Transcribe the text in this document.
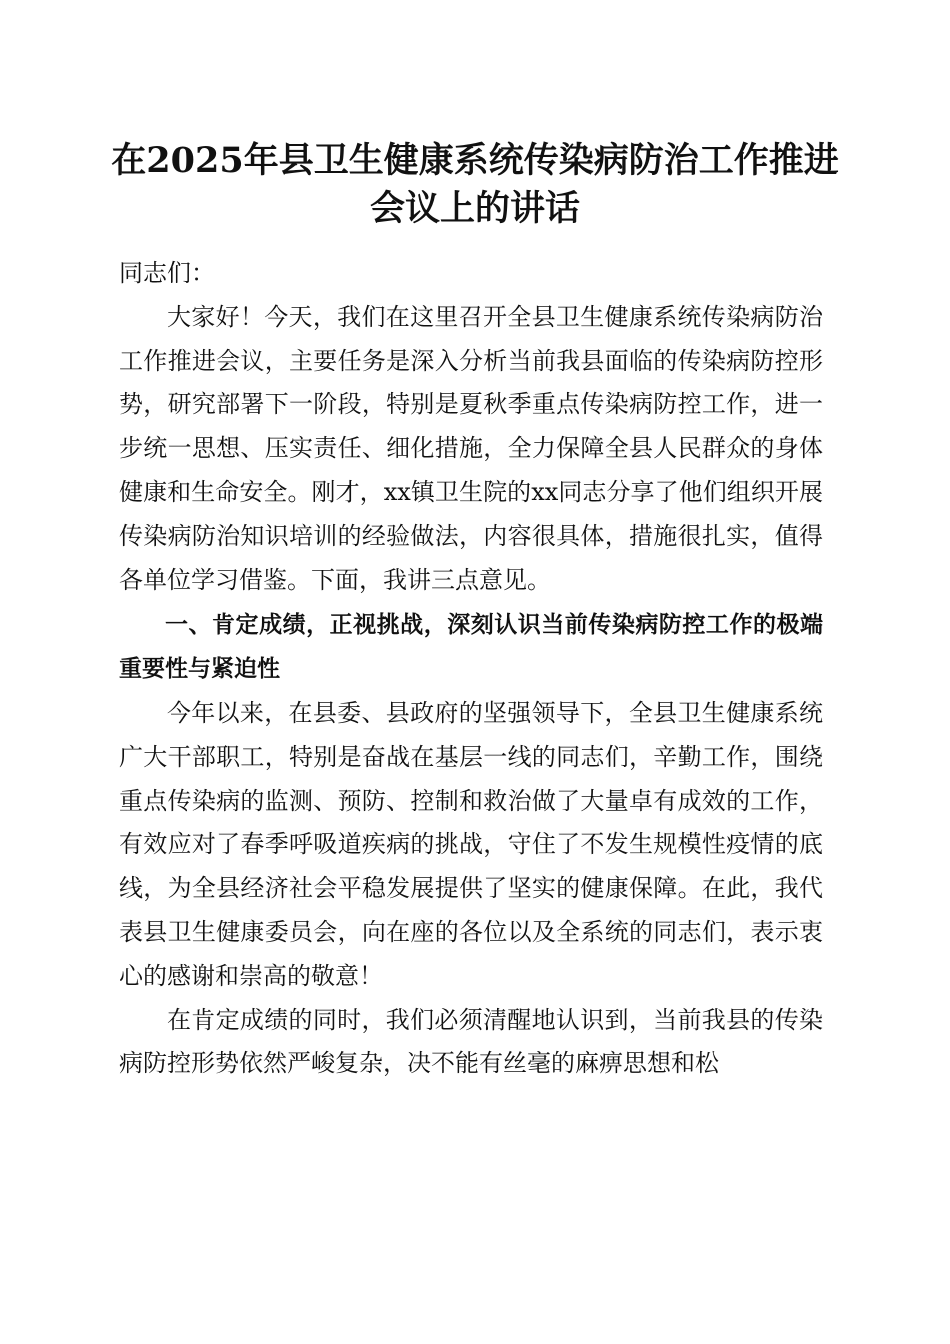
在2025年县卫生健康系统传染病防治工作推进会议上的讲话

同志们：

大家好！今天，我们在这里召开全县卫生健康系统传染病防治工作推进会议，主要任务是深入分析当前我县面临的传染病防控形势，研究部署下一阶段，特别是夏秋季重点传染病防控工作，进一步统一思想、压实责任、细化措施，全力保障全县人民群众的身体健康和生命安全。刚才，xx镇卫生院的xx同志分享了他们组织开展传染病防治知识培训的经验做法，内容很具体，措施很扎实，值得各单位学习借鉴。下面，我讲三点意见。

一、肯定成绩，正视挑战，深刻认识当前传染病防控工作的极端重要性与紧迫性

今年以来，在县委、县政府的坚强领导下，全县卫生健康系统广大干部职工，特别是奋战在基层一线的同志们，辛勤工作，围绕重点传染病的监测、预防、控制和救治做了大量卓有成效的工作，有效应对了春季呼吸道疾病的挑战，守住了不发生规模性疫情的底线，为全县经济社会平稳发展提供了坚实的健康保障。在此，我代表县卫生健康委员会，向在座的各位以及全系统的同志们，表示衷心的感谢和崇高的敬意！

在肯定成绩的同时，我们必须清醒地认识到，当前我县的传染病防控形势依然严峻复杂，决不能有丝毫的麻痹思想和松
